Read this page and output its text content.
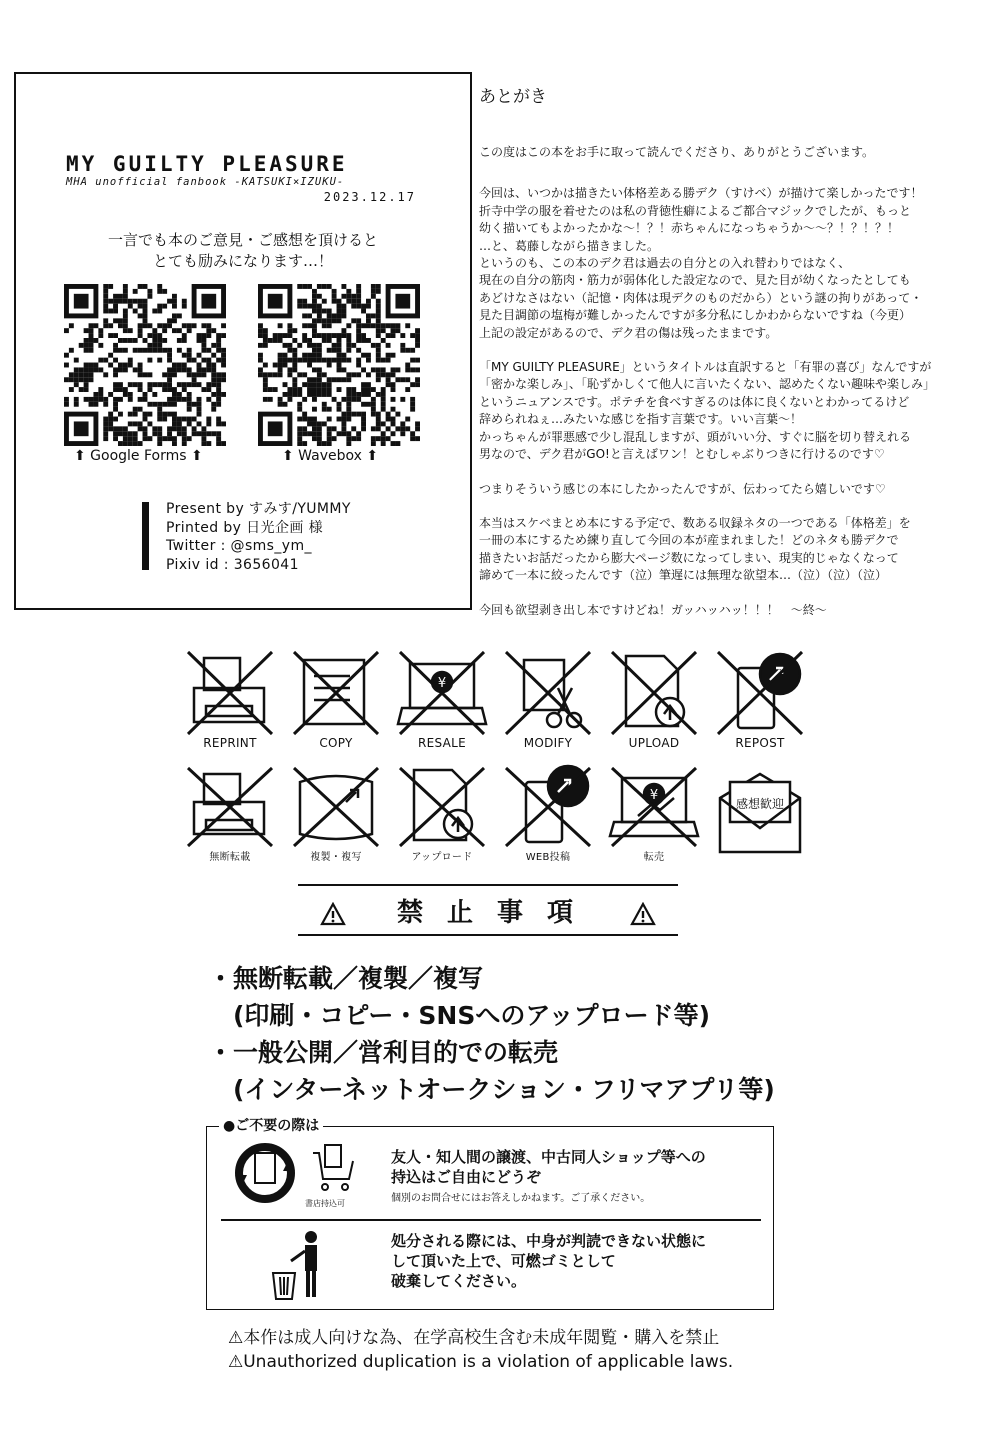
MY GUILTY PLEASURE
MHA unofficial fanbook -KATSUKI×IZUKU-
2023.12.17
一言でも本のご意見・ご感想を頂けると
とても励みになります…！
⬆ Google Forms ⬆	⬆ Wavebox ⬆
Present by すみす/YUMMY
Printed by 日光企画 様
Twitter : @sms_ym_
Pixiv id : 3656041
あとがき

この度はこの本をお手に取って読んでくださり、ありがとうございます。

今回は、いつかは描きたい体格差ある勝デク（すけべ）が描けて楽しかったです！
折寺中学の服を着せたのは私の背徳性癖によるご都合マジックでしたが、もっと
幼く描いてもよかったかな～！？！赤ちゃんになっちゃうか～～？！？！？！
…と、葛藤しながら描きました。
というのも、この本のデク君は過去の自分との入れ替わりではなく、
現在の自分の筋肉・筋力が弱体化した設定なので、見た目が幼くなったとしても
あどけなさはない（記憶・肉体は現デクのものだから）という謎の拘りがあって・
見た目調節の塩梅が難しかったんですが多分私にしかわからないですね（今更）
上記の設定があるので、デク君の傷は残ったままです。

「MY GUILTY PLEASURE」というタイトルは直訳すると「有罪の喜び」なんですが
「密かな楽しみ」、「恥ずかしくて他人に言いたくない、認めたくない趣味や楽しみ」
というニュアンスです。ポテチを食べすぎるのは体に良くないとわかってるけど
辞められねぇ…みたいな感じを指す言葉です。いい言葉～！
かっちゃんが罪悪感で少し混乱しますが、頭がいい分、すぐに脳を切り替えれる
男なので、デク君がGO!と言えばワン！とむしゃぶりつきに行けるのです♡

つまりそういう感じの本にしたかったんですが、伝わってたら嬉しいです♡

本当はスケベまとめ本にする予定で、数ある収録ネタの一つである「体格差」を
一冊の本にするため練り直して今回の本が産まれました！どのネタも勝デクで
描きたいお話だったから膨大ページ数になってしまい、現実的じゃなくなって
諦めて一本に絞ったんです（泣）筆遅には無理な欲望本…（泣）（泣）（泣）

今回も欲望剥き出し本ですけどね！ガッハッハッ！！！　～終～

REPRINT	COPY
¥
RESALE	MODIFY	UPLOAD	REPOST
無断転載	複製・複写	アップロード	WEB投稿
¥
転売
感想歓迎
禁止事項
・無断転載／複製／複写
　(印刷・コピー・SNSへのアップロード等)
・一般公開／営利目的での転売
　(インターネットオークション・フリマアプリ等)
●ご不要の際は
書店持込可
友人・知人間の譲渡、中古同人ショップ等への
持込はご自由にどうぞ
個別のお問合せにはお答えしかねます。ご了承ください。
処分される際には、中身が判読できない状態に
して頂いた上で、可燃ゴミとして
破棄してください。
⚠本作は成人向けな為、在学高校生含む未成年閲覧・購入を禁止
⚠Unauthorized duplication is a violation of applicable laws.
